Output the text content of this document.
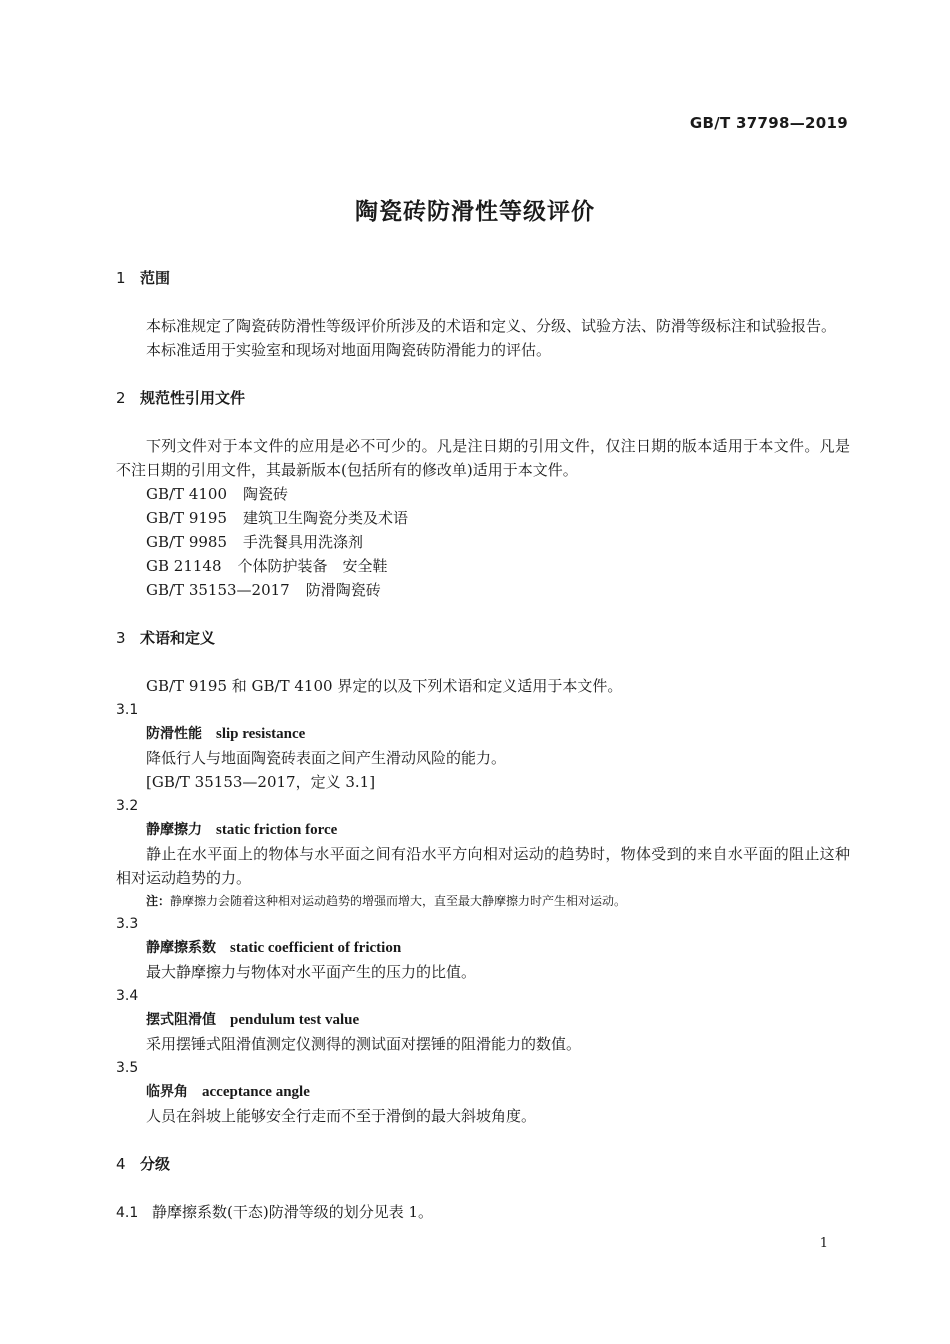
GB/T 37798—2019
陶瓷砖防滑性等级评价

1 范围

本标准规定了陶瓷砖防滑性等级评价所涉及的术语和定义、分级、试验方法、防滑等级标注和试验报告。

本标准适用于实验室和现场对地面用陶瓷砖防滑能力的评估。

2 规范性引用文件

下列文件对于本文件的应用是必不可少的。凡是注日期的引用文件，仅注日期的版本适用于本文件。凡是不注日期的引用文件，其最新版本(包括所有的修改单)适用于本文件。

GB/T 4100 陶瓷砖

GB/T 9195 建筑卫生陶瓷分类及术语

GB/T 9985 手洗餐具用洗涤剂

GB 21148 个体防护装备　安全鞋

GB/T 35153—2017 防滑陶瓷砖

3 术语和定义

GB/T 9195 和 GB/T 4100 界定的以及下列术语和定义适用于本文件。

3.1

防滑性能 slip resistance

降低行人与地面陶瓷砖表面之间产生滑动风险的能力。

[GB/T 35153—2017，定义 3.1]

3.2

静摩擦力 static friction force

静止在水平面上的物体与水平面之间有沿水平方向相对运动的趋势时，物体受到的来自水平面的阻止这种相对运动趋势的力。

注：静摩擦力会随着这种相对运动趋势的增强而增大，直至最大静摩擦力时产生相对运动。

3.3

静摩擦系数 static coefficient of friction

最大静摩擦力与物体对水平面产生的压力的比值。

3.4

摆式阻滑值 pendulum test value

采用摆锤式阻滑值测定仪测得的测试面对摆锤的阻滑能力的数值。

3.5

临界角 acceptance angle

人员在斜坡上能够安全行走而不至于滑倒的最大斜坡角度。

4 分级

4.1 静摩擦系数(干态)防滑等级的划分见表 1。

1
